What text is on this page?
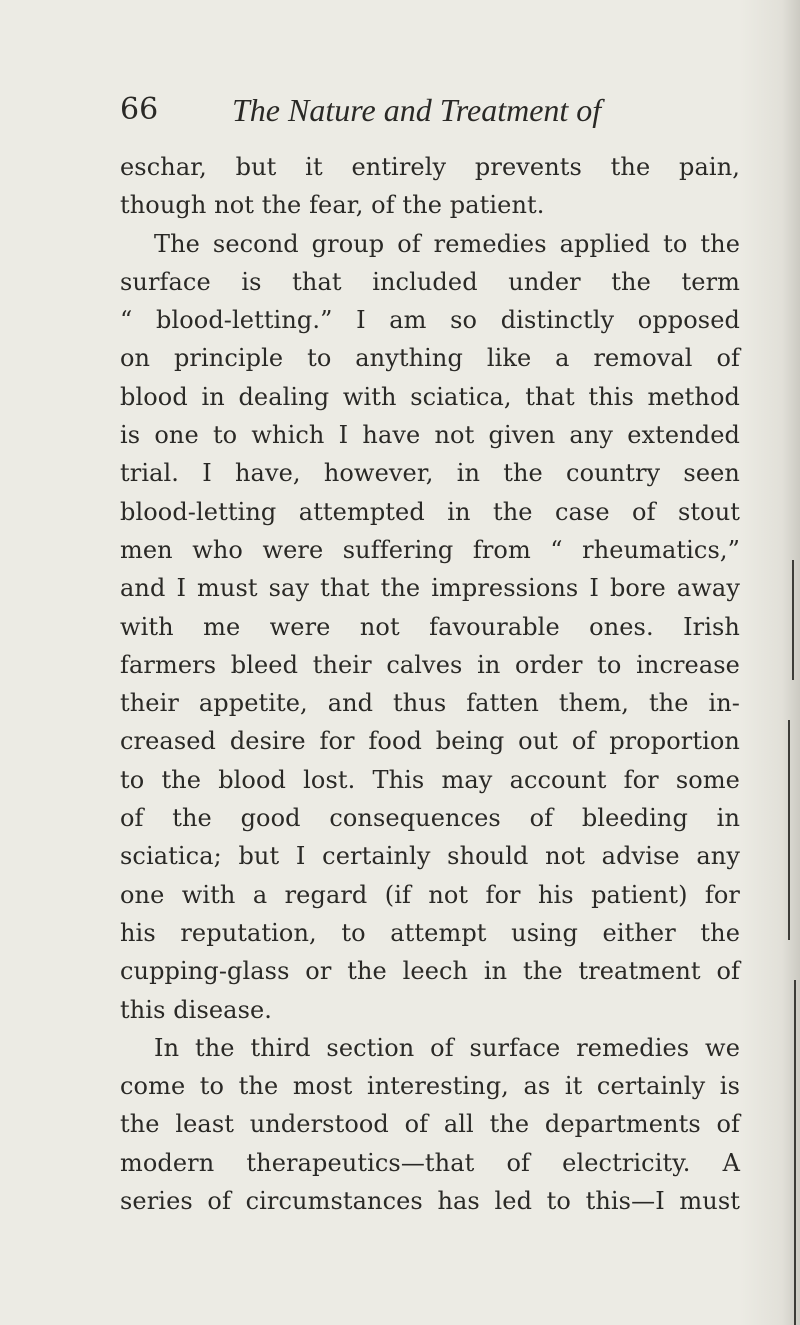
66 The Nature and Treatment of
eschar, but it entirely prevents the pain,
though not the fear, of the patient.
The second group of remedies applied to the
surface is that included under the term
“ blood-letting.” I am so distinctly opposed
on principle to anything like a removal of
blood in dealing with sciatica, that this method
is one to which I have not given any extended
trial. I have, however, in the country seen
blood-letting attempted in the case of stout
men who were suffering from “ rheumatics,”
and I must say that the impressions I bore away
with me were not favourable ones. Irish
farmers bleed their calves in order to increase
their appetite, and thus fatten them, the in-
creased desire for food being out of proportion
to the blood lost. This may account for some
of the good consequences of bleeding in
sciatica; but I certainly should not advise any
one with a regard (if not for his patient) for
his reputation, to attempt using either the
cupping-glass or the leech in the treatment of
this disease.
In the third section of surface remedies we
come to the most interesting, as it certainly is
the least understood of all the departments of
modern therapeutics—that of electricity. A
series of circumstances has led to this—I must
